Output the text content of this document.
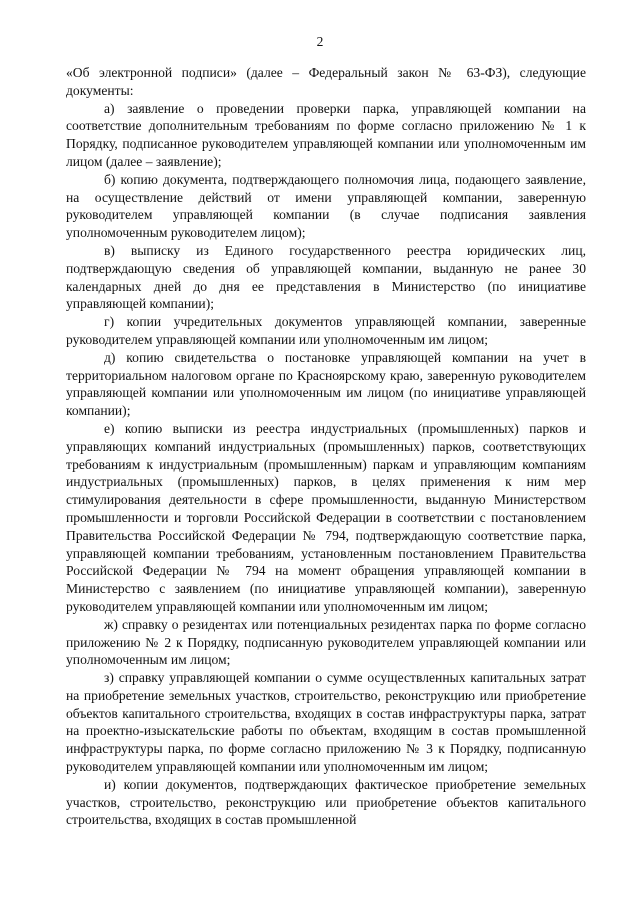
2

«Об электронной подписи» (далее – Федеральный закон № 63-ФЗ), следующие документы:

а) заявление о проведении проверки парка, управляющей компании на соответствие дополнительным требованиям по форме согласно приложению № 1 к Порядку, подписанное руководителем управляющей компании или уполномоченным им лицом (далее – заявление);

б) копию документа, подтверждающего полномочия лица, подающего заявление, на осуществление действий от имени управляющей компании, заверенную руководителем управляющей компании (в случае подписания заявления уполномоченным руководителем лицом);

в) выписку из Единого государственного реестра юридических лиц, подтверждающую сведения об управляющей компании, выданную не ранее 30 календарных дней до дня ее представления в Министерство (по инициативе управляющей компании);

г) копии учредительных документов управляющей компании, заверенные руководителем управляющей компании или уполномоченным им лицом;

д) копию свидетельства о постановке управляющей компании на учет в территориальном налоговом органе по Красноярскому краю, заверенную руководителем управляющей компании или уполномоченным им лицом (по инициативе управляющей компании);

е) копию выписки из реестра индустриальных (промышленных) парков и управляющих компаний индустриальных (промышленных) парков, соответствующих требованиям к индустриальным (промышленным) паркам и управляющим компаниям индустриальных (промышленных) парков, в целях применения к ним мер стимулирования деятельности в сфере промышленности, выданную Министерством промышленности и торговли Российской Федерации в соответствии с постановлением Правительства Российской Федерации № 794, подтверждающую соответствие парка, управляющей компании требованиям, установленным постановлением Правительства Российской Федерации № 794 на момент обращения управляющей компании в Министерство с заявлением (по инициативе управляющей компании), заверенную руководителем управляющей компании или уполномоченным им лицом;

ж) справку о резидентах или потенциальных резидентах парка по форме согласно приложению № 2 к Порядку, подписанную руководителем управляющей компании или уполномоченным им лицом;

з) справку управляющей компании о сумме осуществленных капитальных затрат на приобретение земельных участков, строительство, реконструкцию или приобретение объектов капитального строительства, входящих в состав инфраструктуры парка, затрат на проектно-изыскательские работы по объектам, входящим в состав промышленной инфраструктуры парка, по форме согласно приложению № 3 к Порядку, подписанную руководителем управляющей компании или уполномоченным им лицом;

и) копии документов, подтверждающих фактическое приобретение земельных участков, строительство, реконструкцию или приобретение объектов капитального строительства, входящих в состав промышленной
